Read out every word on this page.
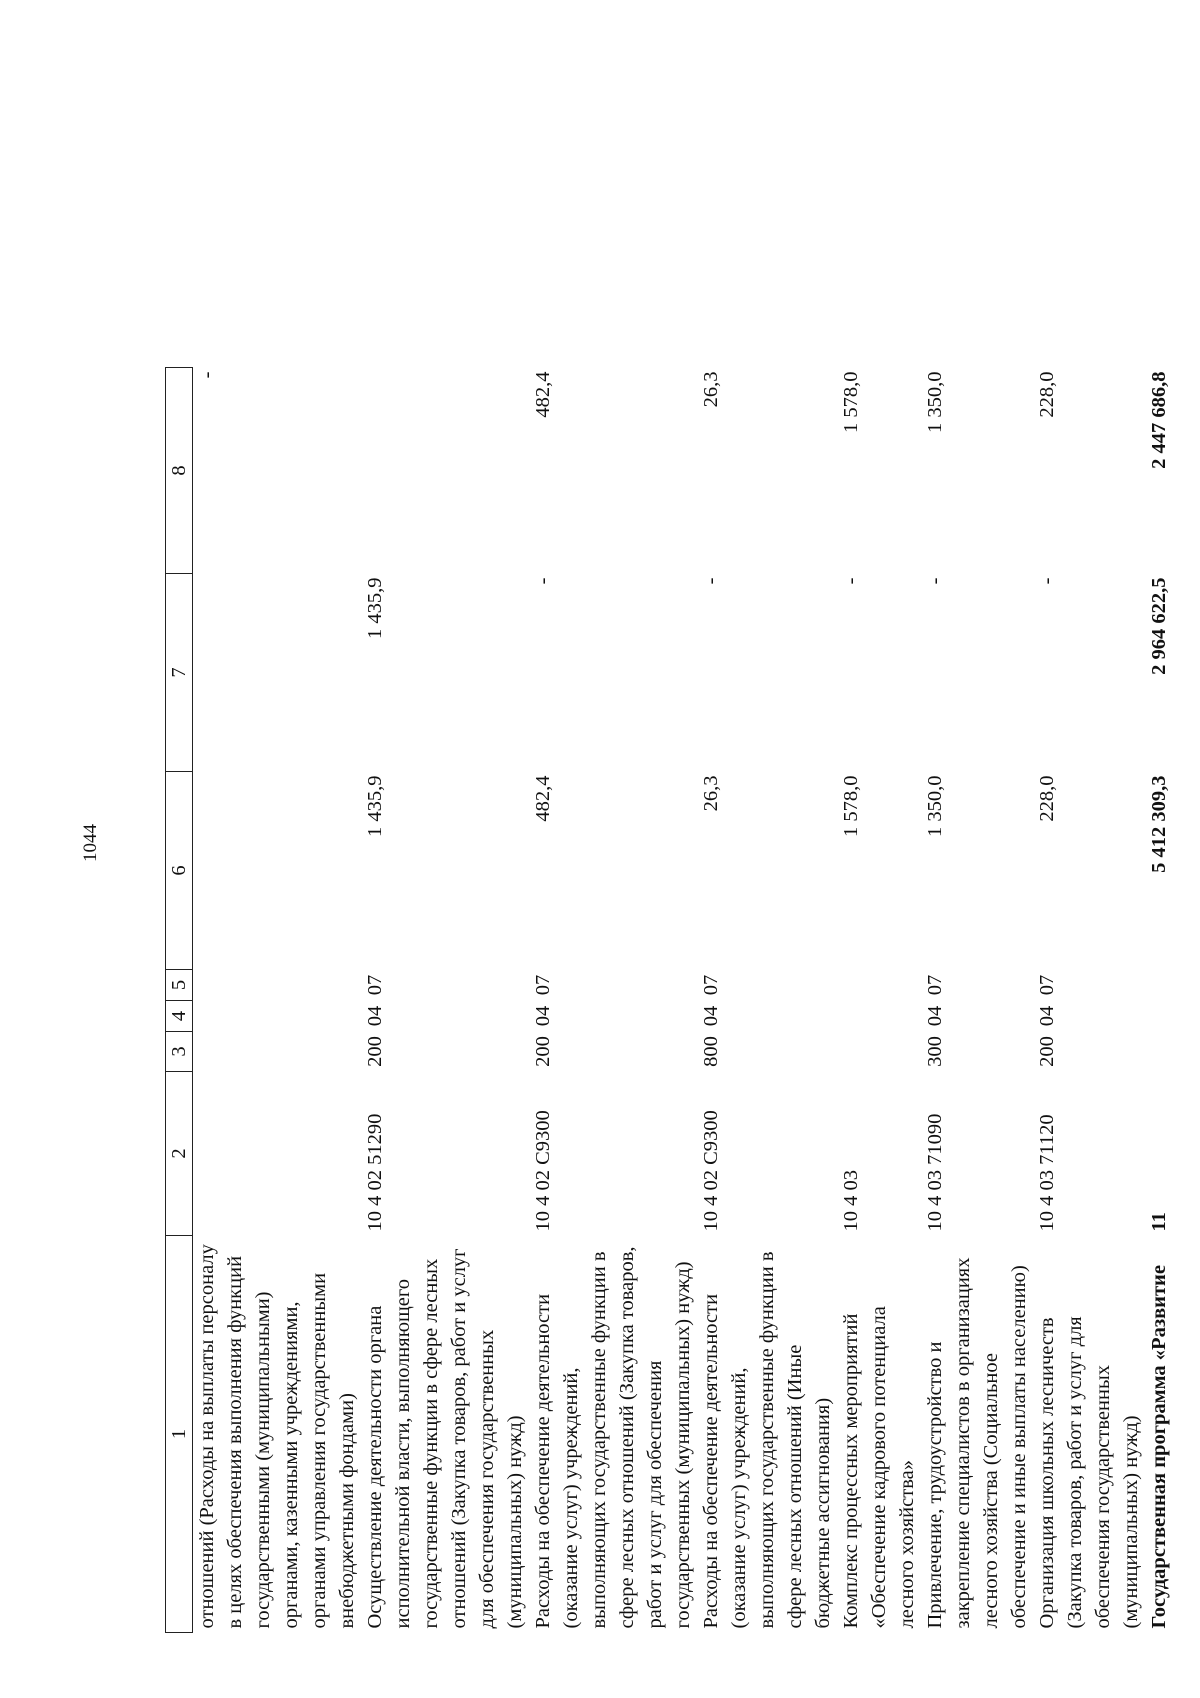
1044
1	2	3	4	5	6	7	8
отношений (Расходы на выплаты персоналу в целях обеспечения выполнения функций государственными (муниципальными) органами, казенными учреждениями, органами управления государственными внебюджетными фондами)							-
Осуществление деятельности органа исполнительной власти, выполняющего государственные функции в сфере лесных отношений (Закупка товаров, работ и услуг для обеспечения государственных (муниципальных) нужд)	10 4 02 51290	200	04	07	1 435,9	1 435,9	
Расходы на обеспечение деятельности (оказание услуг) учреждений, выполняющих государственные функции в сфере лесных отношений (Закупка товаров, работ и услуг для обеспечения государственных (муниципальных) нужд)	10 4 02 С9300	200	04	07	482,4	-	482,4
Расходы на обеспечение деятельности (оказание услуг) учреждений, выполняющих государственные функции в сфере лесных отношений (Иные бюджетные ассигнования)	10 4 02 С9300	800	04	07	26,3	-	26,3
Комплекс процессных мероприятий «Обеспечение кадрового потенциала лесного хозяйства»	10 4 03				1 578,0	-	1 578,0
Привлечение, трудоустройство и закрепление специалистов в организациях лесного хозяйства (Социальное обеспечение и иные выплаты населению)	10 4 03 71090	300	04	07	1 350,0	-	1 350,0
Организация школьных лесничеств (Закупка товаров, работ и услуг для обеспечения государственных (муниципальных) нужд)	10 4 03 71120	200	04	07	228,0	-	228,0
Государственная программа «Развитие	11				5 412 309,3	2 964 622,5	2 447 686,8
